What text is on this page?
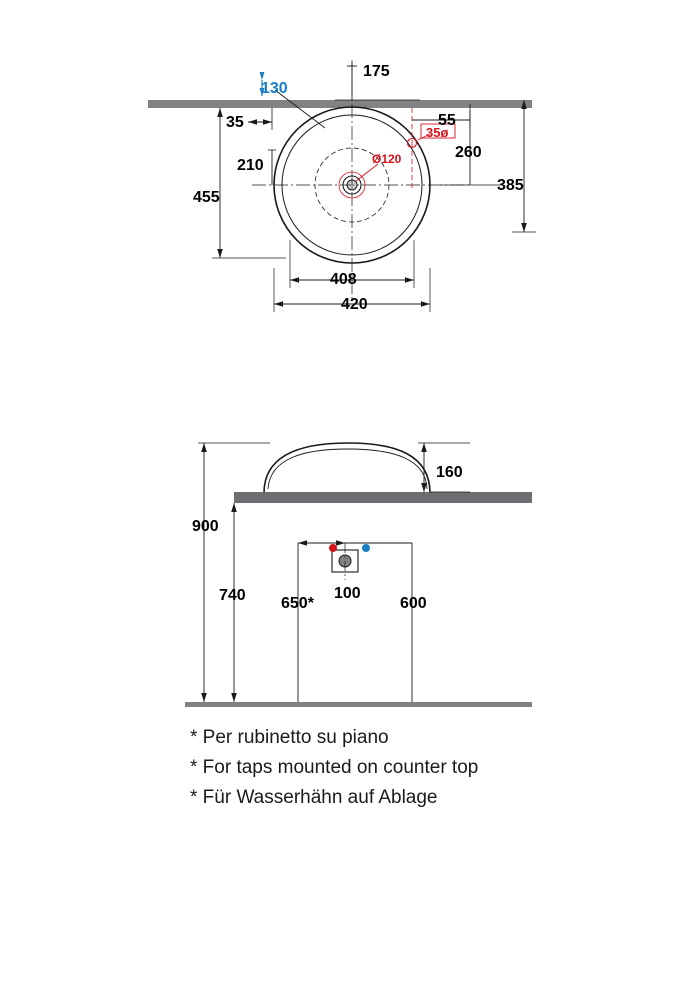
130
175
35	55
35ø
260
210	Ø120
385
455
408
420
160
900
740 650*
100
600
* Per rubinetto su piano
* For taps mounted on counter top
* Für Wasserhähn auf Ablage
